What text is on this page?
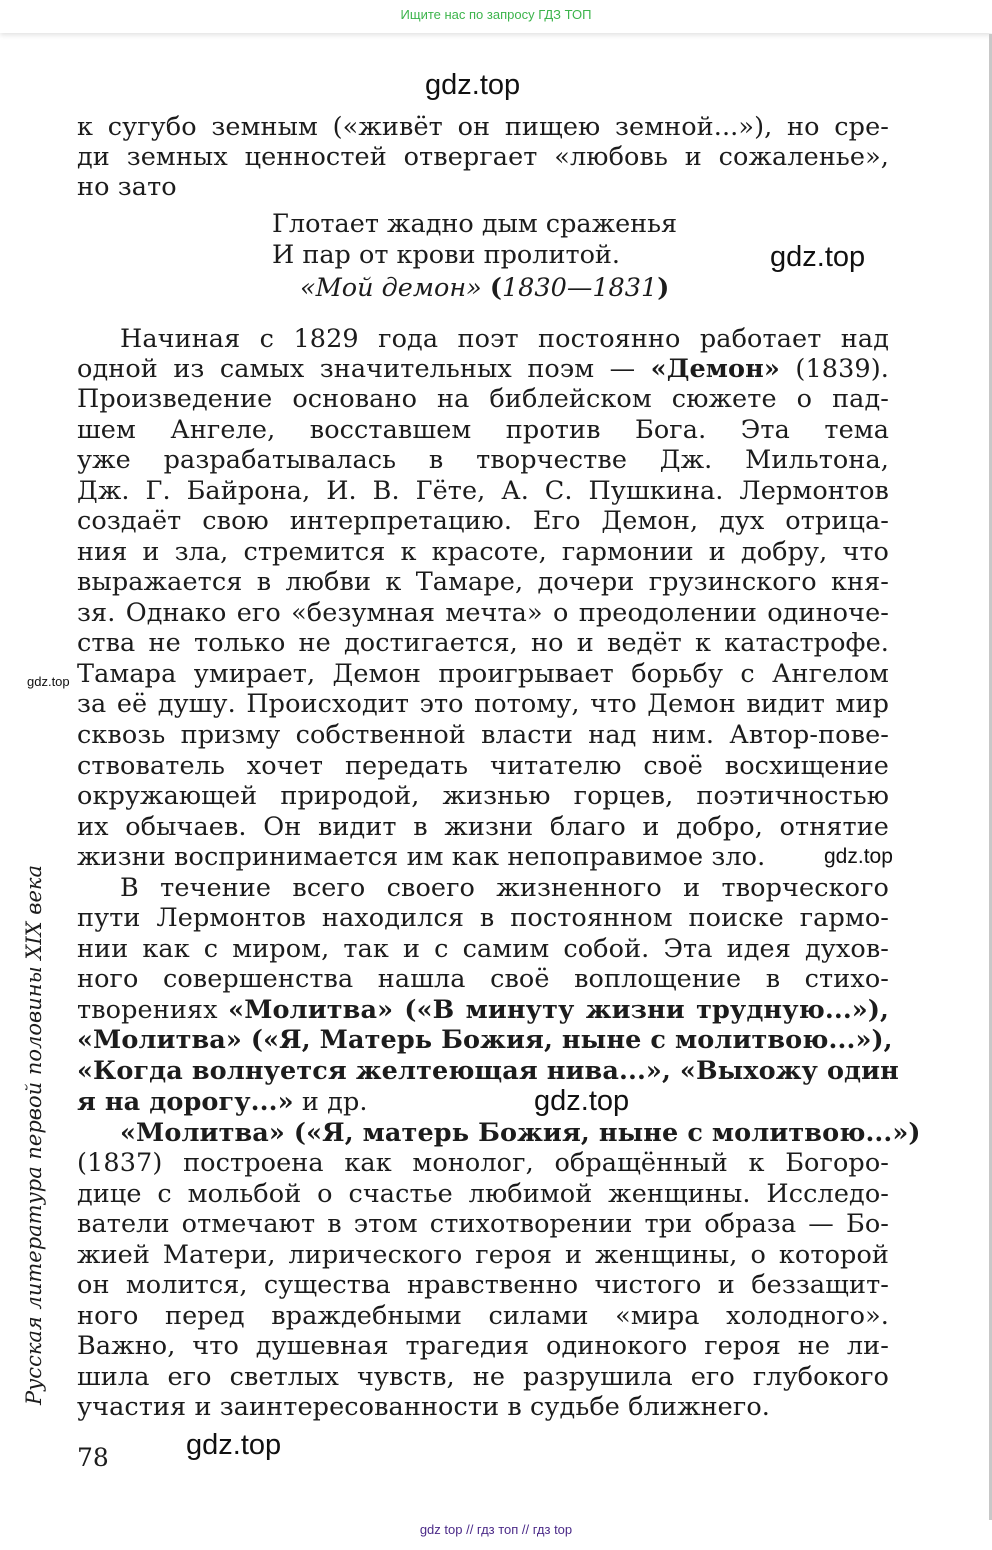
Ищите нас по запросу ГДЗ ТОП
gdz.top
gdz.top
gdz.top
gdz.top
gdz.top
gdz.top
к сугубо земным («живёт он пищею земной...»), но сре-
ди земных ценностей отвергает «любовь и сожаленье»,
но зато
Глотает жадно дым сраженья
И пар от крови пролитой.
«Мой демон» (1830—1831)
Начиная с 1829 года поэт постоянно работает над
одной из самых значительных поэм — «Демон» (1839).
Произведение основано на библейском сюжете о пад-
шем Ангеле, восставшем против Бога. Эта тема
уже разрабатывалась в творчестве Дж. Мильтона,
Дж. Г. Байрона, И. В. Гёте, А. С. Пушкина. Лермонтов
создаёт свою интерпретацию. Его Демон, дух отрица-
ния и зла, стремится к красоте, гармонии и добру, что
выражается в любви к Тамаре, дочери грузинского кня-
зя. Однако его «безумная мечта» о преодолении одиноче-
ства не только не достигается, но и ведёт к катастрофе.
Тамара умирает, Демон проигрывает борьбу с Ангелом
за её душу. Происходит это потому, что Демон видит мир
сквозь призму собственной власти над ним. Автор-пове-
ствователь хочет передать читателю своё восхищение
окружающей природой, жизнью горцев, поэтичностью
их обычаев. Он видит в жизни благо и добро, отнятие
жизни воспринимается им как непоправимое зло.
В течение всего своего жизненного и творческого
пути Лермонтов находился в постоянном поиске гармо-
нии как с миром, так и с самим собой. Эта идея духов-
ного совершенства нашла своё воплощение в стихо-
творениях «Молитва» («В минуту жизни трудную...»),
«Молитва» («Я, Матерь Божия, ныне с молитвою...»),
«Когда волнуется желтеющая нива...», «Выхожу один
я на дорогу...» и др.
«Молитва» («Я, матерь Божия, ныне с молитвою...»)
(1837) построена как монолог, обращённый к Богоро-
дице с мольбой о счастье любимой женщины. Исследо-
ватели отмечают в этом стихотворении три образа — Бо-
жией Матери, лирического героя и женщины, о которой
он молится, существа нравственно чистого и беззащит-
ного перед враждебными силами «мира холодного».
Важно, что душевная трагедия одинокого героя не ли-
шила его светлых чувств, не разрушила его глубокого
участия и заинтересованности в судьбе ближнего.
Русская литература первой половины XIX века
78
gdz top // гдз топ // гдз top
